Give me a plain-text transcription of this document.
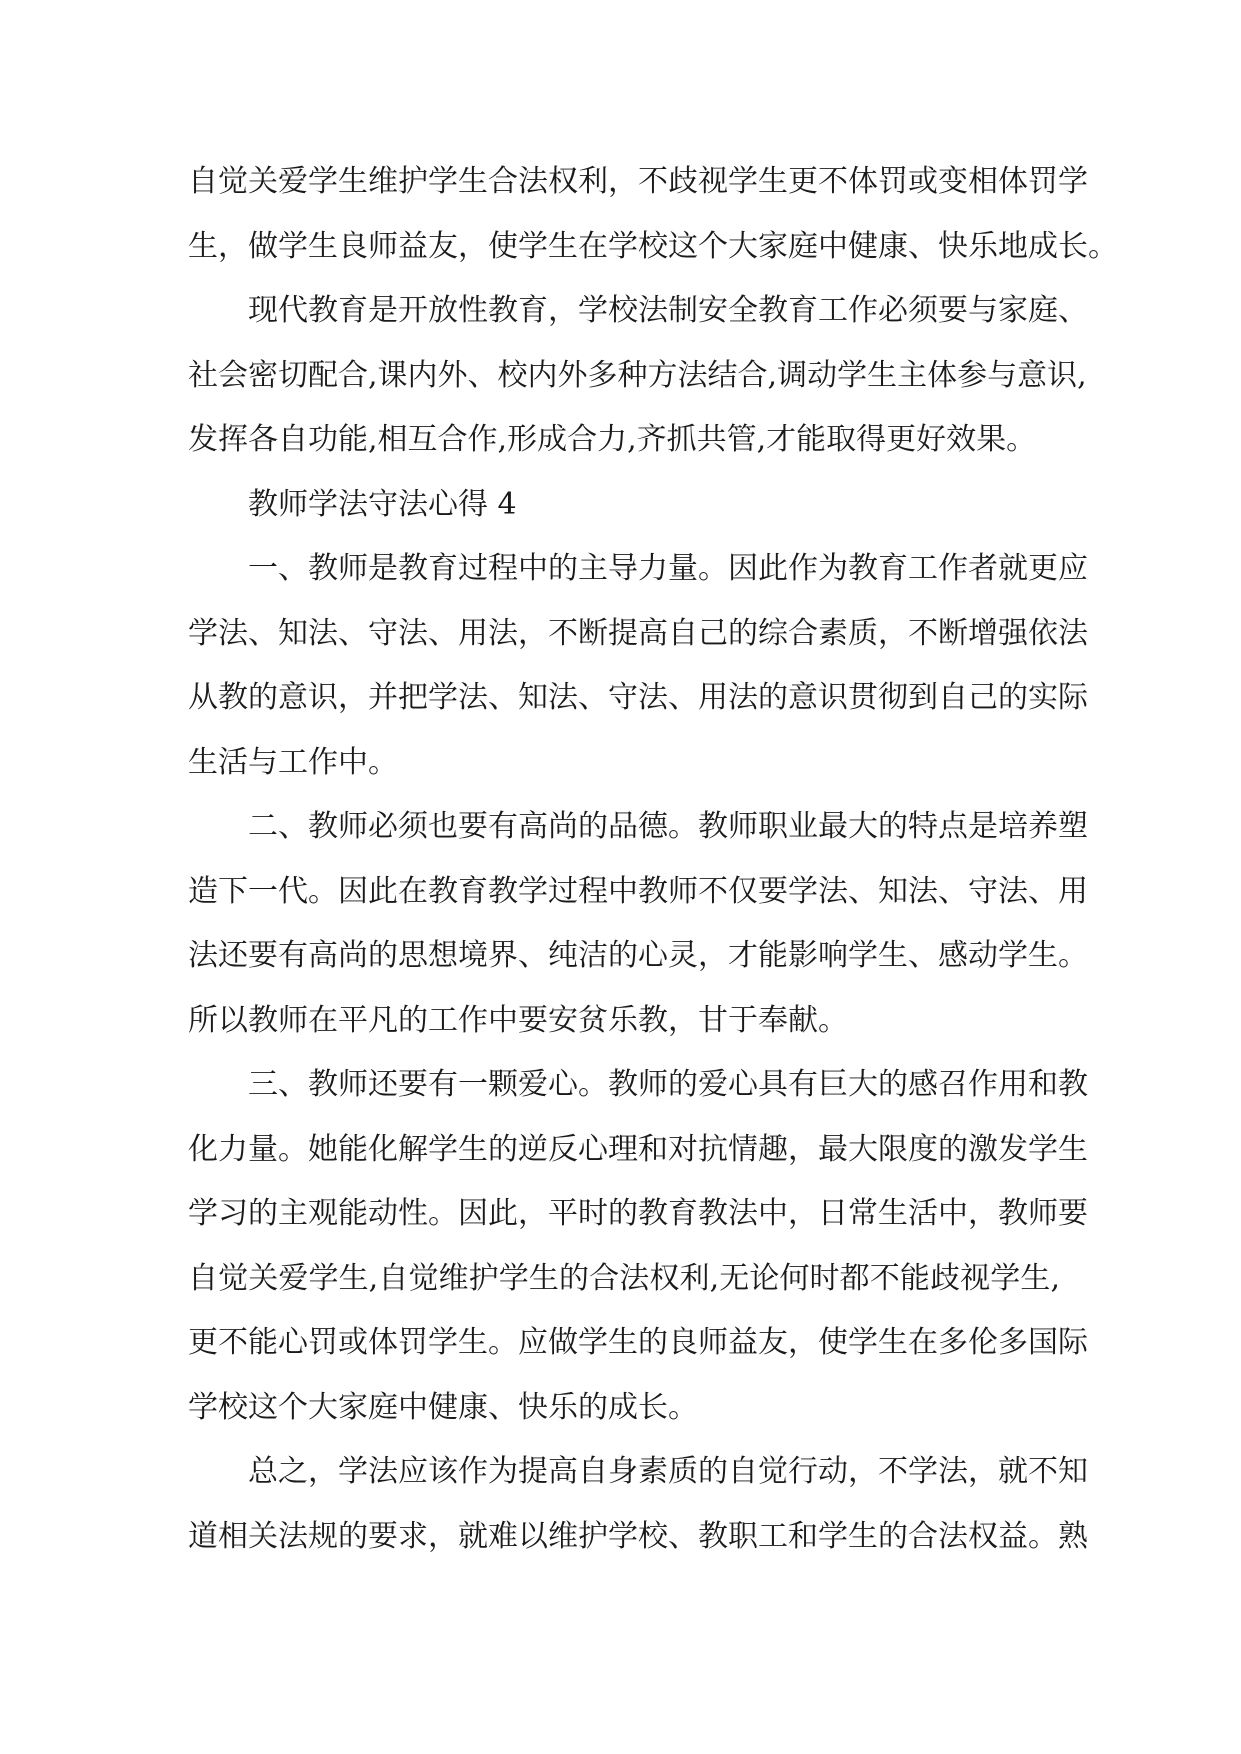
自觉关爱学生维护学生合法权利，不歧视学生更不体罚或变相体罚学
生，做学生良师益友，使学生在学校这个大家庭中健康、快乐地成长。
现代教育是开放性教育，学校法制安全教育工作必须要与家庭、
社会密切配合,课内外、校内外多种方法结合,调动学生主体参与意识,
发挥各自功能,相互合作,形成合力,齐抓共管,才能取得更好效果。
教师学法守法心得 4
一、教师是教育过程中的主导力量。因此作为教育工作者就更应
学法、知法、守法、用法，不断提高自己的综合素质，不断增强依法
从教的意识，并把学法、知法、守法、用法的意识贯彻到自己的实际
生活与工作中。
二、教师必须也要有高尚的品德。教师职业最大的特点是培养塑
造下一代。因此在教育教学过程中教师不仅要学法、知法、守法、用
法还要有高尚的思想境界、纯洁的心灵，才能影响学生、感动学生。
所以教师在平凡的工作中要安贫乐教，甘于奉献。
三、教师还要有一颗爱心。教师的爱心具有巨大的感召作用和教
化力量。她能化解学生的逆反心理和对抗情趣，最大限度的激发学生
学习的主观能动性。因此，平时的教育教法中，日常生活中，教师要
自觉关爱学生,自觉维护学生的合法权利,无论何时都不能歧视学生,
更不能心罚或体罚学生。应做学生的良师益友，使学生在多伦多国际
学校这个大家庭中健康、快乐的成长。
总之，学法应该作为提高自身素质的自觉行动，不学法，就不知
道相关法规的要求，就难以维护学校、教职工和学生的合法权益。熟
